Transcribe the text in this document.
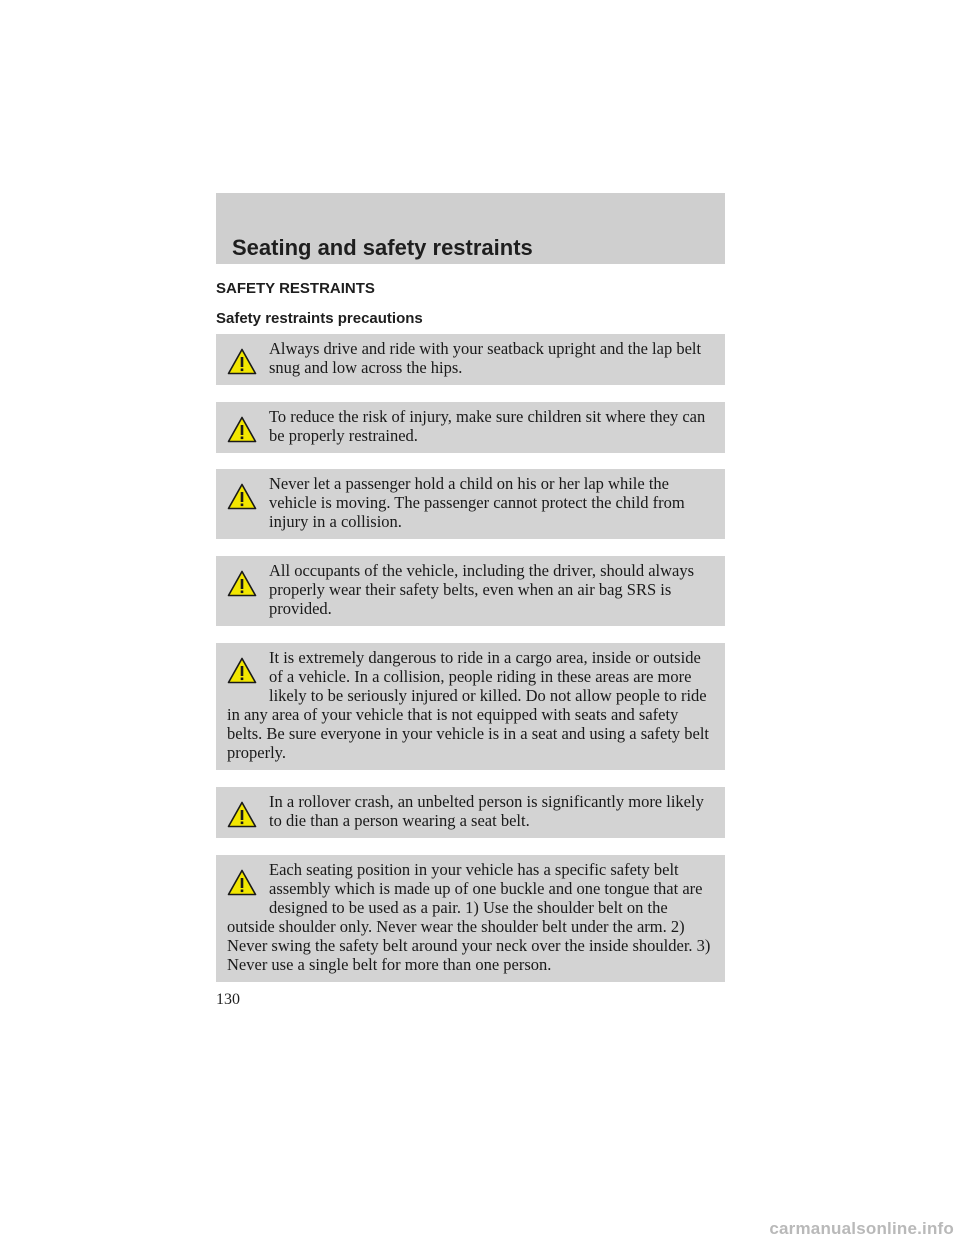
Seating and safety restraints
SAFETY RESTRAINTS
Safety restraints precautions
Always drive and ride with your seatback upright and the lap belt snug and low across the hips.
To reduce the risk of injury, make sure children sit where they can be properly restrained.
Never let a passenger hold a child on his or her lap while the vehicle is moving. The passenger cannot protect the child from injury in a collision.
All occupants of the vehicle, including the driver, should always properly wear their safety belts, even when an air bag SRS is provided.
It is extremely dangerous to ride in a cargo area, inside or outside of a vehicle. In a collision, people riding in these areas are more likely to be seriously injured or killed. Do not allow people to ride in any area of your vehicle that is not equipped with seats and safety belts. Be sure everyone in your vehicle is in a seat and using a safety belt properly.
In a rollover crash, an unbelted person is significantly more likely to die than a person wearing a seat belt.
Each seating position in your vehicle has a specific safety belt assembly which is made up of one buckle and one tongue that are designed to be used as a pair. 1) Use the shoulder belt on the outside shoulder only. Never wear the shoulder belt under the arm. 2) Never swing the safety belt around your neck over the inside shoulder. 3) Never use a single belt for more than one person.
130
carmanualsonline.info
